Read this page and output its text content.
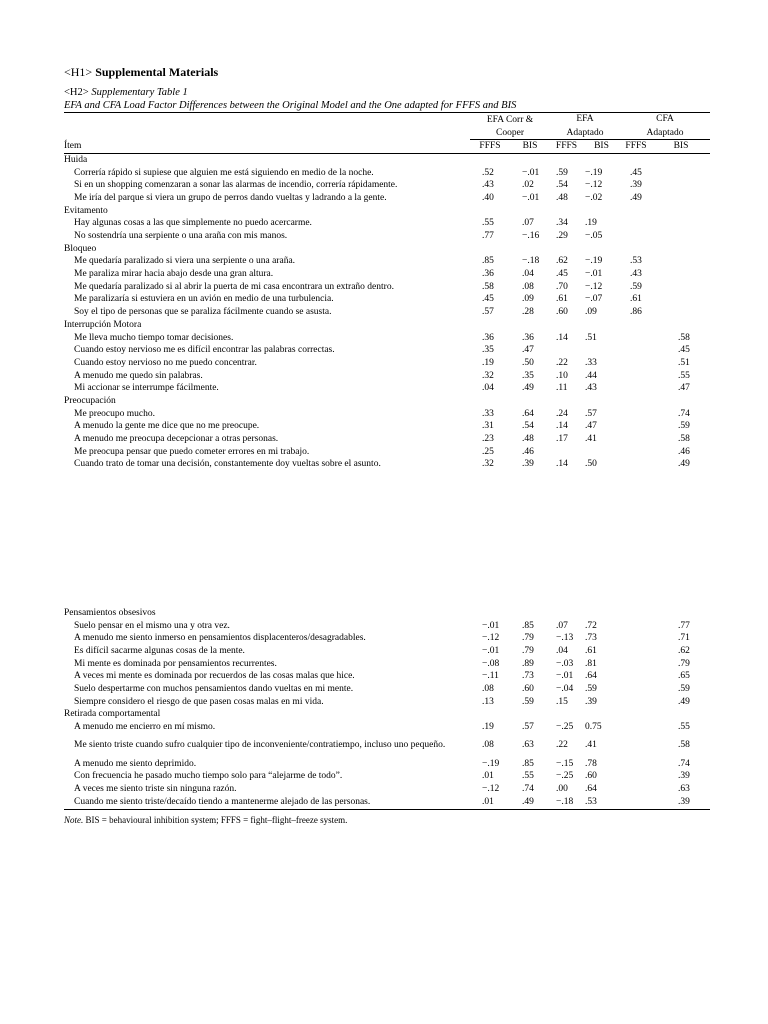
<H1> Supplemental Materials
<H2> Supplementary Table 1
EFA and CFA Load Factor Differences between the Original Model and the One adapted for FFFS and BIS
	EFA Corr &		EFA		CFA	
	Cooper		Adaptado		Adaptado	
Ítem	FFFS	BIS	FFFS	BIS	FFFS	BIS
Huida						
Correría rápido si supiese que alguien me está siguiendo en medio de la noche.	.52	−.01	.59	−.19	.45	
Si en un shopping comenzaran a sonar las alarmas de incendio, correría rápidamente.	.43	.02	.54	−.12	.39	
Me iría del parque si viera un grupo de perros dando vueltas y ladrando a la gente.	.40	−.01	.48	−.02	.49	
Evitamento						
Hay algunas cosas a las que simplemente no puedo acercarme.	.55	.07	.34	.19		
No sostendría una serpiente o una araña con mis manos.	.77	−.16	.29	−.05		
Bloqueo						
Me quedaría paralizado si viera una serpiente o una araña.	.85	−.18	.62	−.19	.53	
Me paraliza mirar hacia abajo desde una gran altura.	.36	.04	.45	−.01	.43	
Me quedaría paralizado si al abrir la puerta de mi casa encontrara un extraño dentro.	.58	.08	.70	−.12	.59	
Me paralizaría si estuviera en un avión en medio de una turbulencia.	.45	.09	.61	−.07	.61	
Soy el tipo de personas que se paraliza fácilmente cuando se asusta.	.57	.28	.60	.09	.86	
Interrupción Motora						
Me lleva mucho tiempo tomar decisiones.	.36	.36	.14	.51		.58
Cuando estoy nervioso me es difícil encontrar las palabras correctas.	.35	.47				.45
Cuando estoy nervioso no me puedo concentrar.	.19	.50	.22	.33		.51
A menudo me quedo sin palabras.	.32	.35	.10	.44		.55
Mi accionar se interrumpe fácilmente.	.04	.49	.11	.43		.47
Preocupación						
Me preocupo mucho.	.33	.64	.24	.57		.74
A menudo la gente me dice que no me preocupe.	.31	.54	.14	.47		.59
A menudo me preocupa decepcionar a otras personas.	.23	.48	.17	.41		.58
Me preocupa pensar que puedo cometer errores en mi trabajo.	.25	.46				.46
Cuando trato de tomar una decisión, constantemente doy vueltas sobre el asunto.	.32	.39	.14	.50		.49
Pensamientos obsesivos						
Suelo pensar en el mismo una y otra vez.	−.01	.85	.07	.72		.77
A menudo me siento inmerso en pensamientos displacenteros/desagradables.	−.12	.79	−.13	.73		.71
Es difícil sacarme algunas cosas de la mente.	−.01	.79	.04	.61		.62
Mi mente es dominada por pensamientos recurrentes.	−.08	.89	−.03	.81		.79
A veces mi mente es dominada por recuerdos de las cosas malas que hice.	−.11	.73	−.01	.64		.65
Suelo despertarme con muchos pensamientos dando vueltas en mi mente.	.08	.60	−.04	.59		.59
Siempre considero el riesgo de que pasen cosas malas en mi vida.	.13	.59	.15	.39		.49
Retirada comportamental						
A menudo me encierro en mí mismo.	.19	.57	−.25	0.75		.55
Me siento triste cuando sufro cualquier tipo de inconveniente/contratiempo, incluso uno pequeño.	.08	.63	.22	.41		.58
A menudo me siento deprimido.	−.19	.85	−.15	.78		.74
Con frecuencia he pasado mucho tiempo solo para “alejarme de todo”.	.01	.55	−.25	.60		.39
A veces me siento triste sin ninguna razón.	−.12	.74	.00	.64		.63
Cuando me siento triste/decaído tiendo a mantenerme alejado de las personas.	.01	.49	−.18	.53		.39
Note. BIS = behavioural inhibition system; FFFS = fight–flight–freeze system.
